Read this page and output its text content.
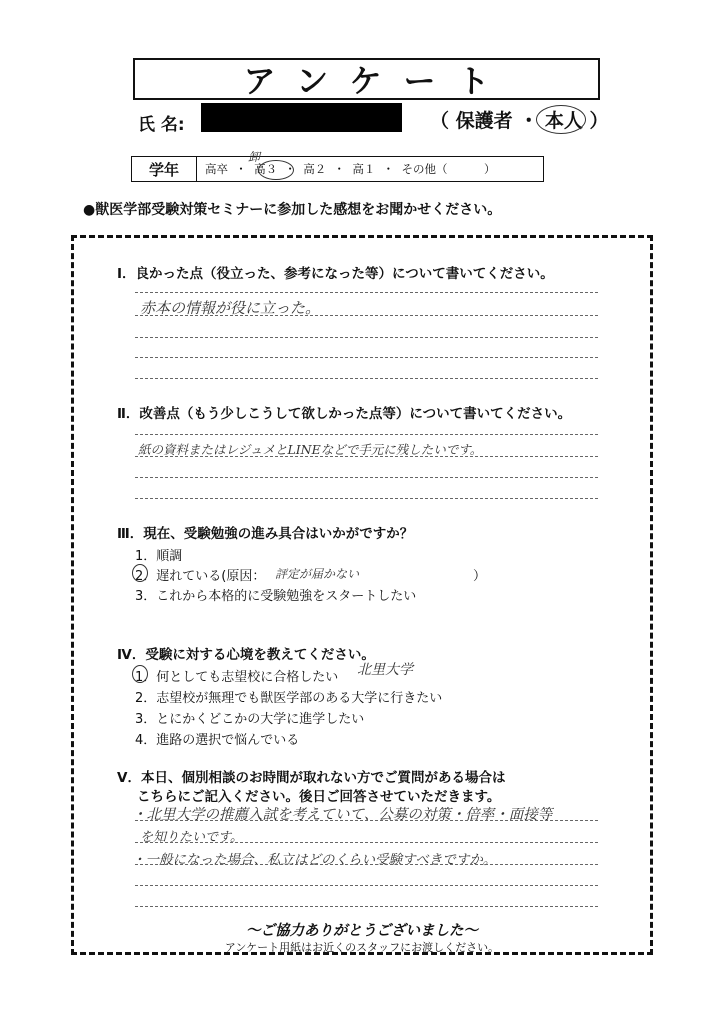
アンケート
氏 名:	（ 保護者 ・ 本人 ）
学年	高卒  ・  高３  ・  高２  ・  高１  ・  その他（          ）
卸
●獣医学部受験対策セミナーに参加した感想をお聞かせください。
Ⅰ．良かった点（役立った、参考になった等）について書いてください。
赤本の情報が役に立った。
Ⅱ．改善点（もう少しこうして欲しかった点等）について書いてください。
紙の資料またはレジュメとLINEなどで手元に残したいです。
Ⅲ．現在、受験勉強の進み具合はいかがですか？
1．順調
2．遅れている(原因： 評定が届かない	）
3．これから本格的に受験勉強をスタートしたい
Ⅳ．受験に対する心境を教えてください。
1．何としても志望校に合格したい 北里大学
2．志望校が無理でも獣医学部のある大学に行きたい
3．とにかくどこかの大学に進学したい
4．進路の選択で悩んでいる
Ⅴ．本日、個別相談のお時間が取れない方でご質問がある場合は
こちらにご記入ください。後日ご回答させていただきます。
・北里大学の推薦入試を考えていて、公募の対策・倍率・面接等
を知りたいです。
・一般になった場合、私立はどのくらい受験すべきですか。
〜ご協力ありがとうございました〜
アンケート用紙はお近くのスタッフにお渡しください。
